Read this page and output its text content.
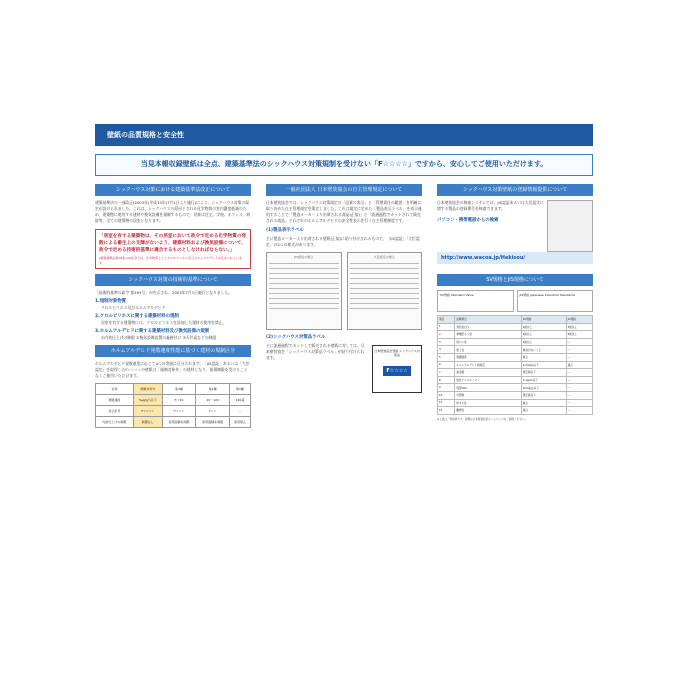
壁紙の品質規格と安全性
当見本帳収録壁紙は全点、建築基準法のシックハウス対策規制を受けない「F☆☆☆☆」ですから、安心してご使用いただけます。
シックハウス対策における建築基準法改正について

建築基準法の一部改正(2003年(平成15年)7月1日より施行)により、シックハウス対策の規定が設けられました。これは、シックハウスの原因とされる化学物質の室内濃度低減のため、建築物に使用する建材や換気設備を規制するもので、対象は住宅、学校、オフィス、病院等、全ての建築物の居室となります。

「居室を有する建築物は、その居室において政令で定める化学物質の発散による衛生上の支障がないよう、建築材料および換気設備について、政令で定める技術的基準に適合するものとしなければならない。」

(建築基準法第28条の2)政令では、化学物質としてクロルピリホス及びホルムアルデヒドが定められています。
シックハウス対策の技術的基準について

「技術的基準の政令 第393号」が告示され、2003年7月1日施行となりました。

1.規制対象物質

クロルピリホス及びホルムアルデヒド

2.クロルピリホスに関する建築材料の規制

居室を有する建築物には、クロルピリホスを添加した建材の使用を禁止。

3.ホルムアルデヒドに関する建築材料及び換気設備の規制

①内装仕上げの制限 ②換気設備設置の義務付け ③天井裏などの制限

ホルムアルデヒド発散速度性能に基づく建材の規制区分

ホルムアルデヒド発散速度に応じて4つの等級に区分されます。「JIS認証」あるいは「大臣認定」を取得したF☆☆☆☆の壁紙は「規制対象外」の建材となり、面積制限を受けることなくご使用いただけます。

名称	規制対象外	第3種	第2種	第1種
発散速度	5μg/㎡h以下	5〜20	20〜120	120超
表示記号	F☆☆☆☆	F☆☆☆	F☆☆	—
内装仕上げの制限	制限なし	使用面積を制限	使用面積を制限	使用禁止
一般社団法人 日本壁装協会の自主管理規定について

日本壁装協会では、シックハウス対策規定の「品質の表示」と「管理責任の範囲」を明確に取り決めた自主管理規定を策定しました。これは規定に定めた「製品表示ラベル」を表示運用することで「製造メーカーより出荷される商品(正規)」と「流通過程でカットされて販売される商品」それぞれのホルムアルデヒドの安全性表示を行う自主管理制度です。

(1)製品表示ラベル

主に製造メーカーより出荷される壁紙(正規)に貼り付けされるもので、「JIS認証」「大臣認定」の2つの様式があります。

JIS認証の場合	大臣認定の場合

(2)シックハウス対策品ラベル

日本壁装協会登録 シックハウス対策品
F☆☆☆☆

主に流通過程でカットして販売される壁紙に対しては、日本壁装協会「シックハウス対策品ラベル」が貼り付けられます。

シックハウス対策壁紙の登録情報提供について

日本壁装協会の検索システムでは、JIS認証あるいは大臣認定に関する製品の登録番号を検索できます。

パソコン・携帯電話からの検索

http://www.wacoa.jp/Hekisou/
SV規格とJIS規格について
SV規格 Standard Value	JIS規格 Japanese Industrial Standards
項目	試験項目	SV規格	JIS規格
1	退色性(光)	4級以上	3級以上
2	摩擦堅ろう度	4級以上	3級以上
3	隠ぺい性	4級以上	—
4	施工性	異常がないこと	—
5	湿潤強度	適合	—
6	ホルムアルデヒド放散量	0.2mg/L以下	適合
7	重金属	規定値以下	—
8	塩化ビニルモノマー	0.1ppm以下	—
9	残留VOC	10mg/㎡以下	—
10	可塑剤	規定値以下	—
11	防カビ性	適合	—
12	難燃性	適合	—

※上表は一部抜粋です。詳細は日本壁装協会ホームページをご参照ください。
